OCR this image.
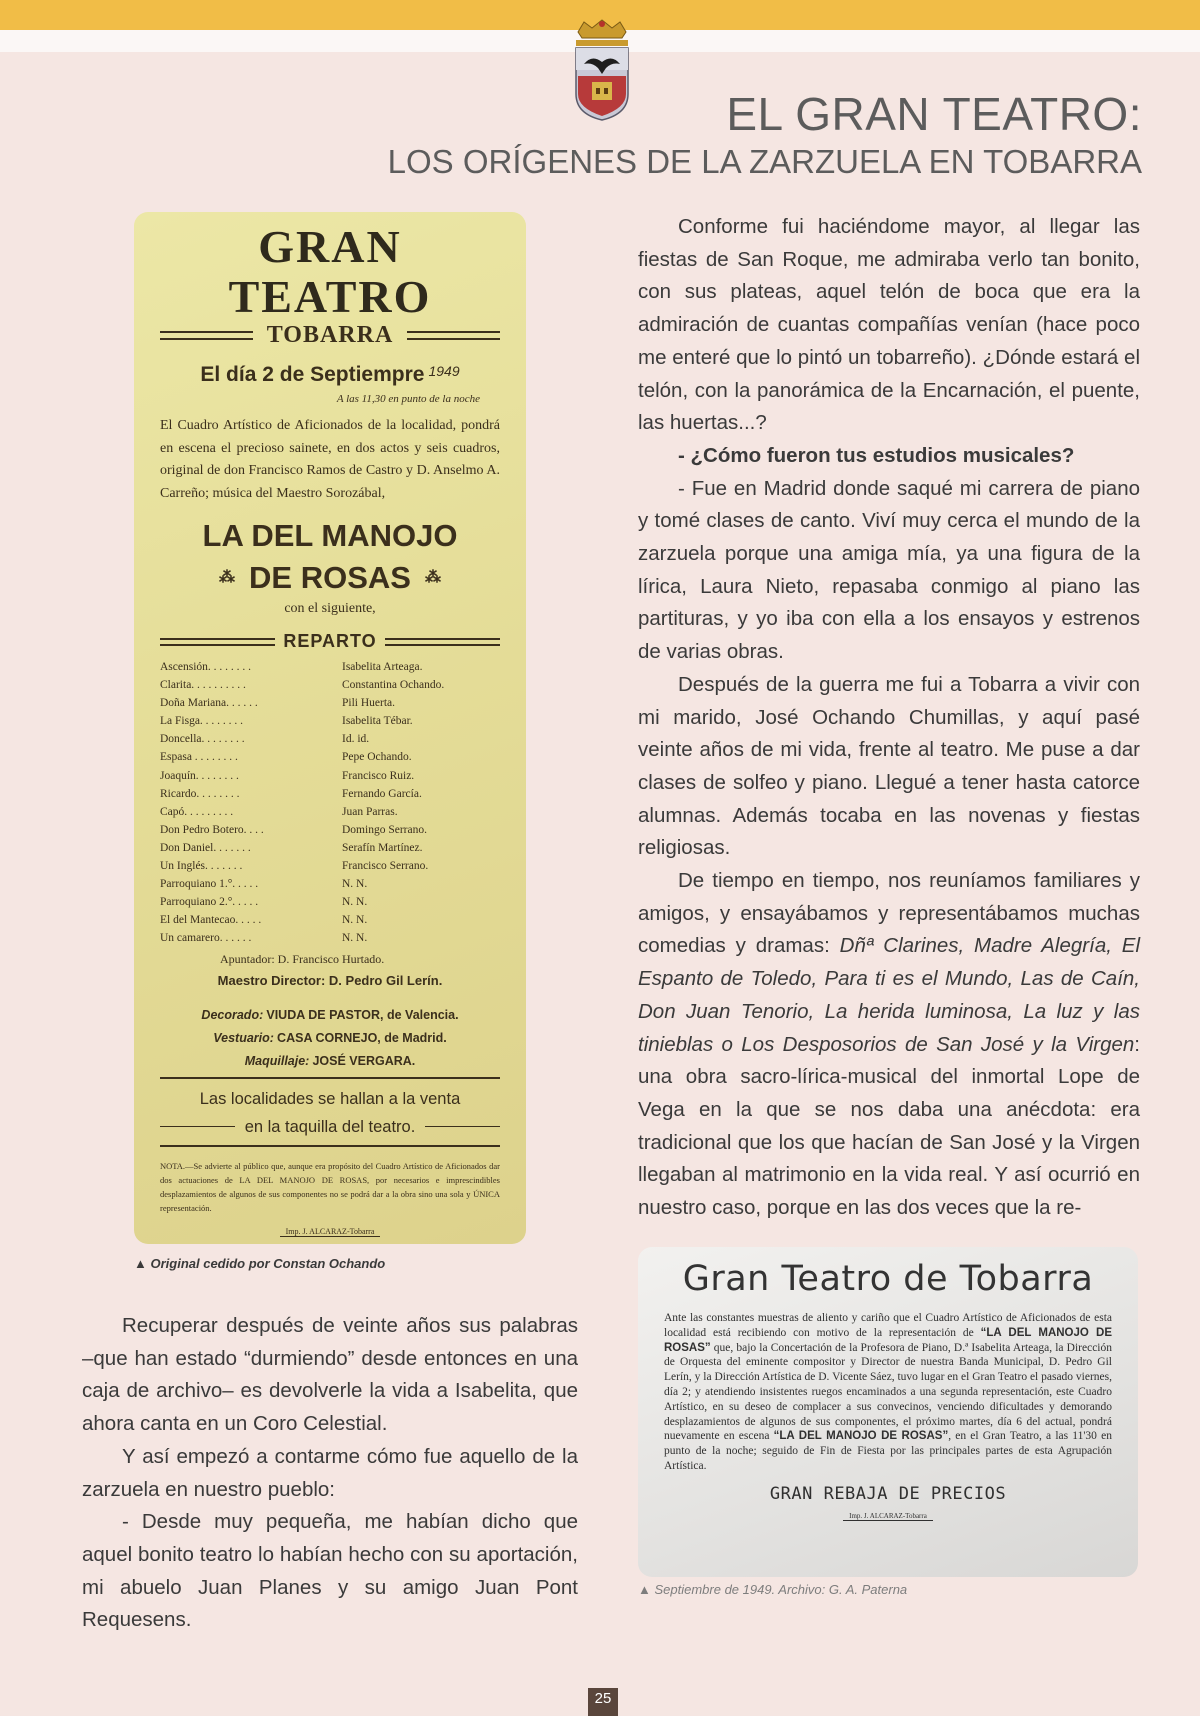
EL GRAN TEATRO:
LOS ORÍGENES DE LA ZARZUELA EN TOBARRA
GRAN TEATRO
TOBARRA
El día 2 de Septiempre 1949
A las 11,30 en punto de la noche
El Cuadro Artístico de Aficionados de la localidad, pondrá en escena el precioso sainete, en dos actos y seis cuadros, original de don Francisco Ramos de Castro y D. Anselmo A. Carreño; música del Maestro Sorozábal,
LA DEL MANOJO
⁂ DE ROSAS ⁂
con el siguiente,
REPARTO
Ascensión. . . . . . . .	Isabelita Arteaga.
Clarita. . . . . . . . . .	Constantina Ochando.
Doña Mariana. . . . . .	Pili Huerta.
La Fisga. . . . . . . .	Isabelita Tébar.
Doncella. . . . . . . .	Id. id.
Espasa . . . . . . . .	Pepe Ochando.
Joaquín. . . . . . . .	Francisco Ruiz.
Ricardo. . . . . . . .	Fernando García.
Capó. . . . . . . . .	Juan Parras.
Don Pedro Botero. . . .	Domingo Serrano.
Don Daniel. . . . . . .	Serafín Martínez.
Un Inglés. . . . . . .	Francisco Serrano.
Parroquiano 1.°. . . . .	N. N.
Parroquiano 2.°. . . . .	N. N.
El del Mantecao. . . . .	N. N.
Un camarero. . . . . .	N. N.
Apuntador: D. Francisco Hurtado.
Maestro Director: D. Pedro Gil Lerín.
Decorado: VIUDA DE PASTOR, de Valencia.
Vestuario: CASA CORNEJO, de Madrid.
Maquillaje: JOSÉ VERGARA.
Las localidades se hallan a la venta
en la taquilla del teatro.
NOTA.—Se advierte al público que, aunque era propósito del Cuadro Artístico de Aficionados dar dos actuaciones de LA DEL MANOJO DE ROSAS, por necesarios e imprescindibles desplazamientos de algunos de sus componentes no se podrá dar a la obra sino una sola y ÚNICA representación.
Imp. J. ALCARAZ-Tobarra
▲ Original cedido por Constan Ochando

Conforme fui haciéndome mayor, al llegar las fiestas de San Roque, me admiraba verlo tan bonito, con sus plateas, aquel telón de boca que era la admiración de cuantas compañías venían (hace poco me enteré que lo pintó un tobarreño). ¿Dónde estará el telón, con la panorámica de la Encarnación, el puente, las huertas...?

- ¿Cómo fueron tus estudios musicales?

- Fue en Madrid donde saqué mi carrera de piano y tomé clases de canto. Viví muy cerca el mundo de la zarzuela porque una amiga mía, ya una figura de la lírica, Laura Nieto, repasaba conmigo al piano las partituras, y yo iba con ella a los ensayos y estrenos de varias obras.

Después de la guerra me fui a Tobarra a vivir con mi marido, José Ochando Chumillas, y aquí pasé veinte años de mi vida, frente al teatro. Me puse a dar clases de solfeo y piano. Llegué a tener hasta catorce alumnas. Además tocaba en las novenas y fiestas religiosas.

De tiempo en tiempo, nos reuníamos familiares y amigos, y ensayábamos y representábamos muchas comedias y dramas: Dñª Clarines, Madre Alegría, El Espanto de Toledo, Para ti es el Mundo, Las de Caín, Don Juan Tenorio, La herida luminosa, La luz y las tinieblas o Los Desposorios de San José y la Virgen: una obra sacro-lírica-musical del inmortal Lope de Vega en la que se nos daba una anécdota: era tradicional que los que hacían de San José y la Virgen llegaban al matrimonio en la vida real. Y así ocurrió en nuestro caso, porque en las dos veces que la re-

Gran Teatro de Tobarra
Ante las constantes muestras de aliento y cariño que el Cuadro Artístico de Aficionados de esta localidad está recibiendo con motivo de la representación de “LA DEL MANOJO DE ROSAS” que, bajo la Concertación de la Profesora de Piano, D.ª Isabelita Arteaga, la Dirección de Orquesta del eminente compositor y Director de nuestra Banda Municipal, D. Pedro Gil Lerín, y la Dirección Artística de D. Vicente Sáez, tuvo lugar en el Gran Teatro el pasado viernes, día 2; y atendiendo insistentes ruegos encaminados a una segunda representación, este Cuadro Artístico, en su deseo de complacer a sus convecinos, venciendo dificultades y demorando desplazamientos de algunos de sus componentes, el próximo martes, día 6 del actual, pondrá nuevamente en escena “LA DEL MANOJO DE ROSAS”, en el Gran Teatro, a las 11'30 en punto de la noche; seguido de Fin de Fiesta por las principales partes de esta Agrupación Artística.
GRAN REBAJA DE PRECIOS
Imp. J. ALCARAZ-Tobarra
▲ Septiembre de 1949. Archivo: G. A. Paterna

Recuperar después de veinte años sus palabras –que han estado “durmiendo” desde entonces en una caja de archivo– es devolverle la vida a Isabelita, que ahora canta en un Coro Celestial.

Y así empezó a contarme cómo fue aquello de la zarzuela en nuestro pueblo:

- Desde muy pequeña, me habían dicho que aquel bonito teatro lo habían hecho con su aportación, mi abuelo Juan Planes y su amigo Juan Pont Requesens.

25
